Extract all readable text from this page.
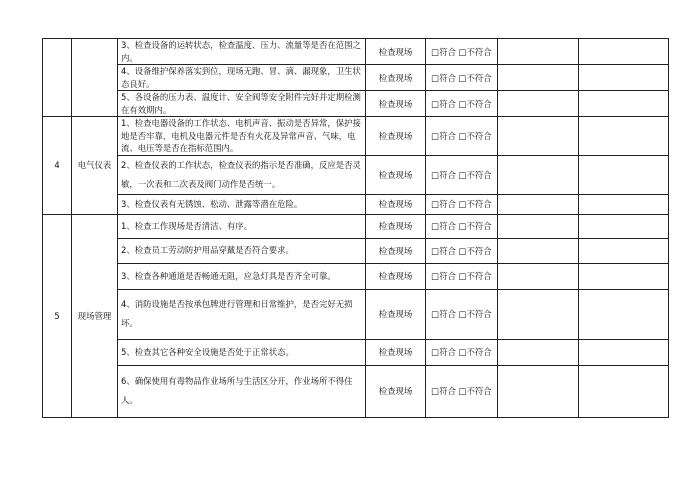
		3、检查设备的运转状态，检查温度、压力、流量等是否在范围之内。	检查现场	□符合 □不符合		
		4、设备维护保养落实到位，现场无跑、冒、滴、漏现象，卫生状态良好。	检查现场	□符合 □不符合		
		5、各设备的压力表、温度计、安全阀等安全附件完好并定期检测在有效期内。	检查现场	□符合 □不符合		
4	电气仪表	1、检查电器设备的工作状态、电机声音、振动是否异常，保护接地是否牢靠，电机及电器元件是否有火花及异常声音、气味，电流、电压等是否在指标范围内。	检查现场	□符合 □不符合		
		2、检查仪表的工作状态，检查仪表的指示是否准确，反应是否灵敏，一次表和二次表及阀门动作是否统一。	检查现场	□符合 □不符合		
		3、检查仪表有无锈蚀、松动、泄露等潜在危险。	检查现场	□符合 □不符合		
5	现场管理	1、检查工作现场是否清洁、有序。	检查现场	□符合 □不符合		
		2、检查员工劳动防护用品穿戴是否符合要求。	检查现场	□符合 □不符合		
		3、检查各种通道是否畅通无阻，应急灯具是否齐全可靠。	检查现场	□符合 □不符合		
		4、消防设施是否按承包牌进行管理和日常维护，是否完好无损坏。	检查现场	□符合 □不符合		
		5、检查其它各种安全设施是否处于正常状态。	检查现场	□符合 □不符合		
		6、确保使用有毒物品作业场所与生活区分开，作业场所不得住人。	检查现场	□符合 □不符合		
